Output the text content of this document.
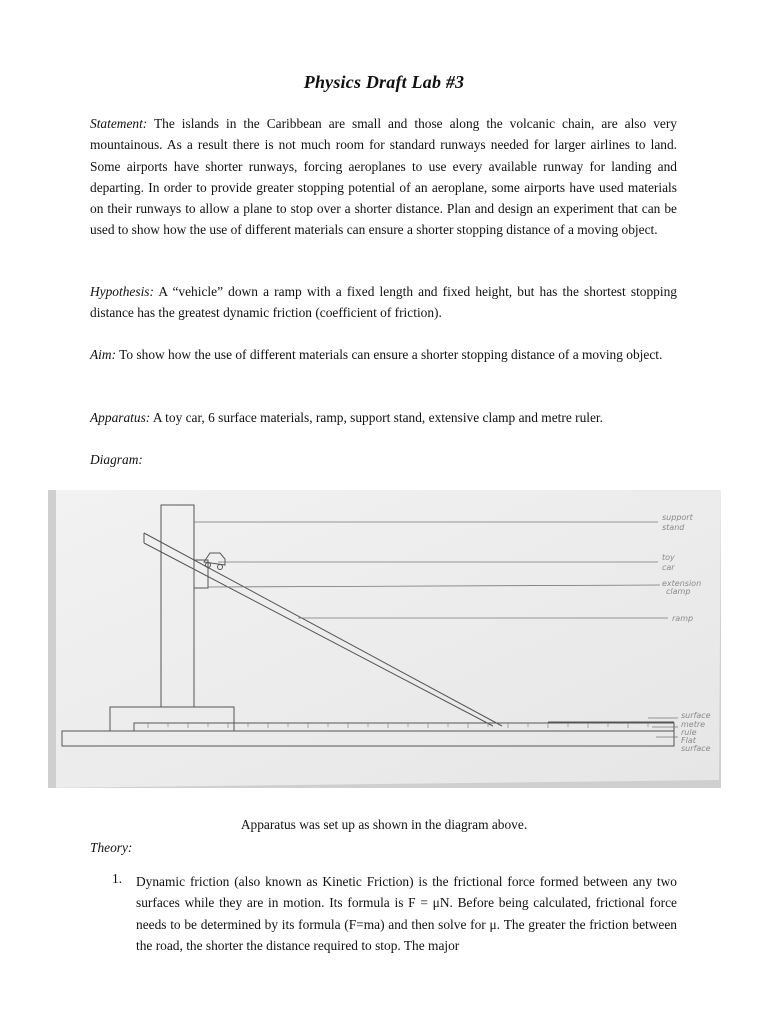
Physics Draft Lab #3
Statement: The islands in the Caribbean are small and those along the volcanic chain, are also very mountainous. As a result there is not much room for standard runways needed for larger airlines to land. Some airports have shorter runways, forcing aeroplanes to use every available runway for landing and departing. In order to provide greater stopping potential of an aeroplane, some airports have used materials on their runways to allow a plane to stop over a shorter distance. Plan and design an experiment that can be used to show how the use of different materials can ensure a shorter stopping distance of a moving object.
Hypothesis: A “vehicle” down a ramp with a fixed length and fixed height, but has the shortest stopping distance has the greatest dynamic friction (coefficient of friction).
Aim: To show how the use of different materials can ensure a shorter stopping distance of a moving object.
Apparatus: A toy car, 6 surface materials, ramp, support stand, extensive clamp and metre ruler.
Diagram:
support
stand
toy
car
extension
clamp
ramp
surface
metre
rule
Flat
surface
Apparatus was set up as shown in the diagram above.
Theory:
1. Dynamic friction (also known as Kinetic Friction) is the frictional force formed between any two surfaces while they are in motion. Its formula is F = μN. Before being calculated, frictional force needs to be determined by its formula (F=ma) and then solve for μ. The greater the friction between the road, the shorter the distance required to stop. The major
